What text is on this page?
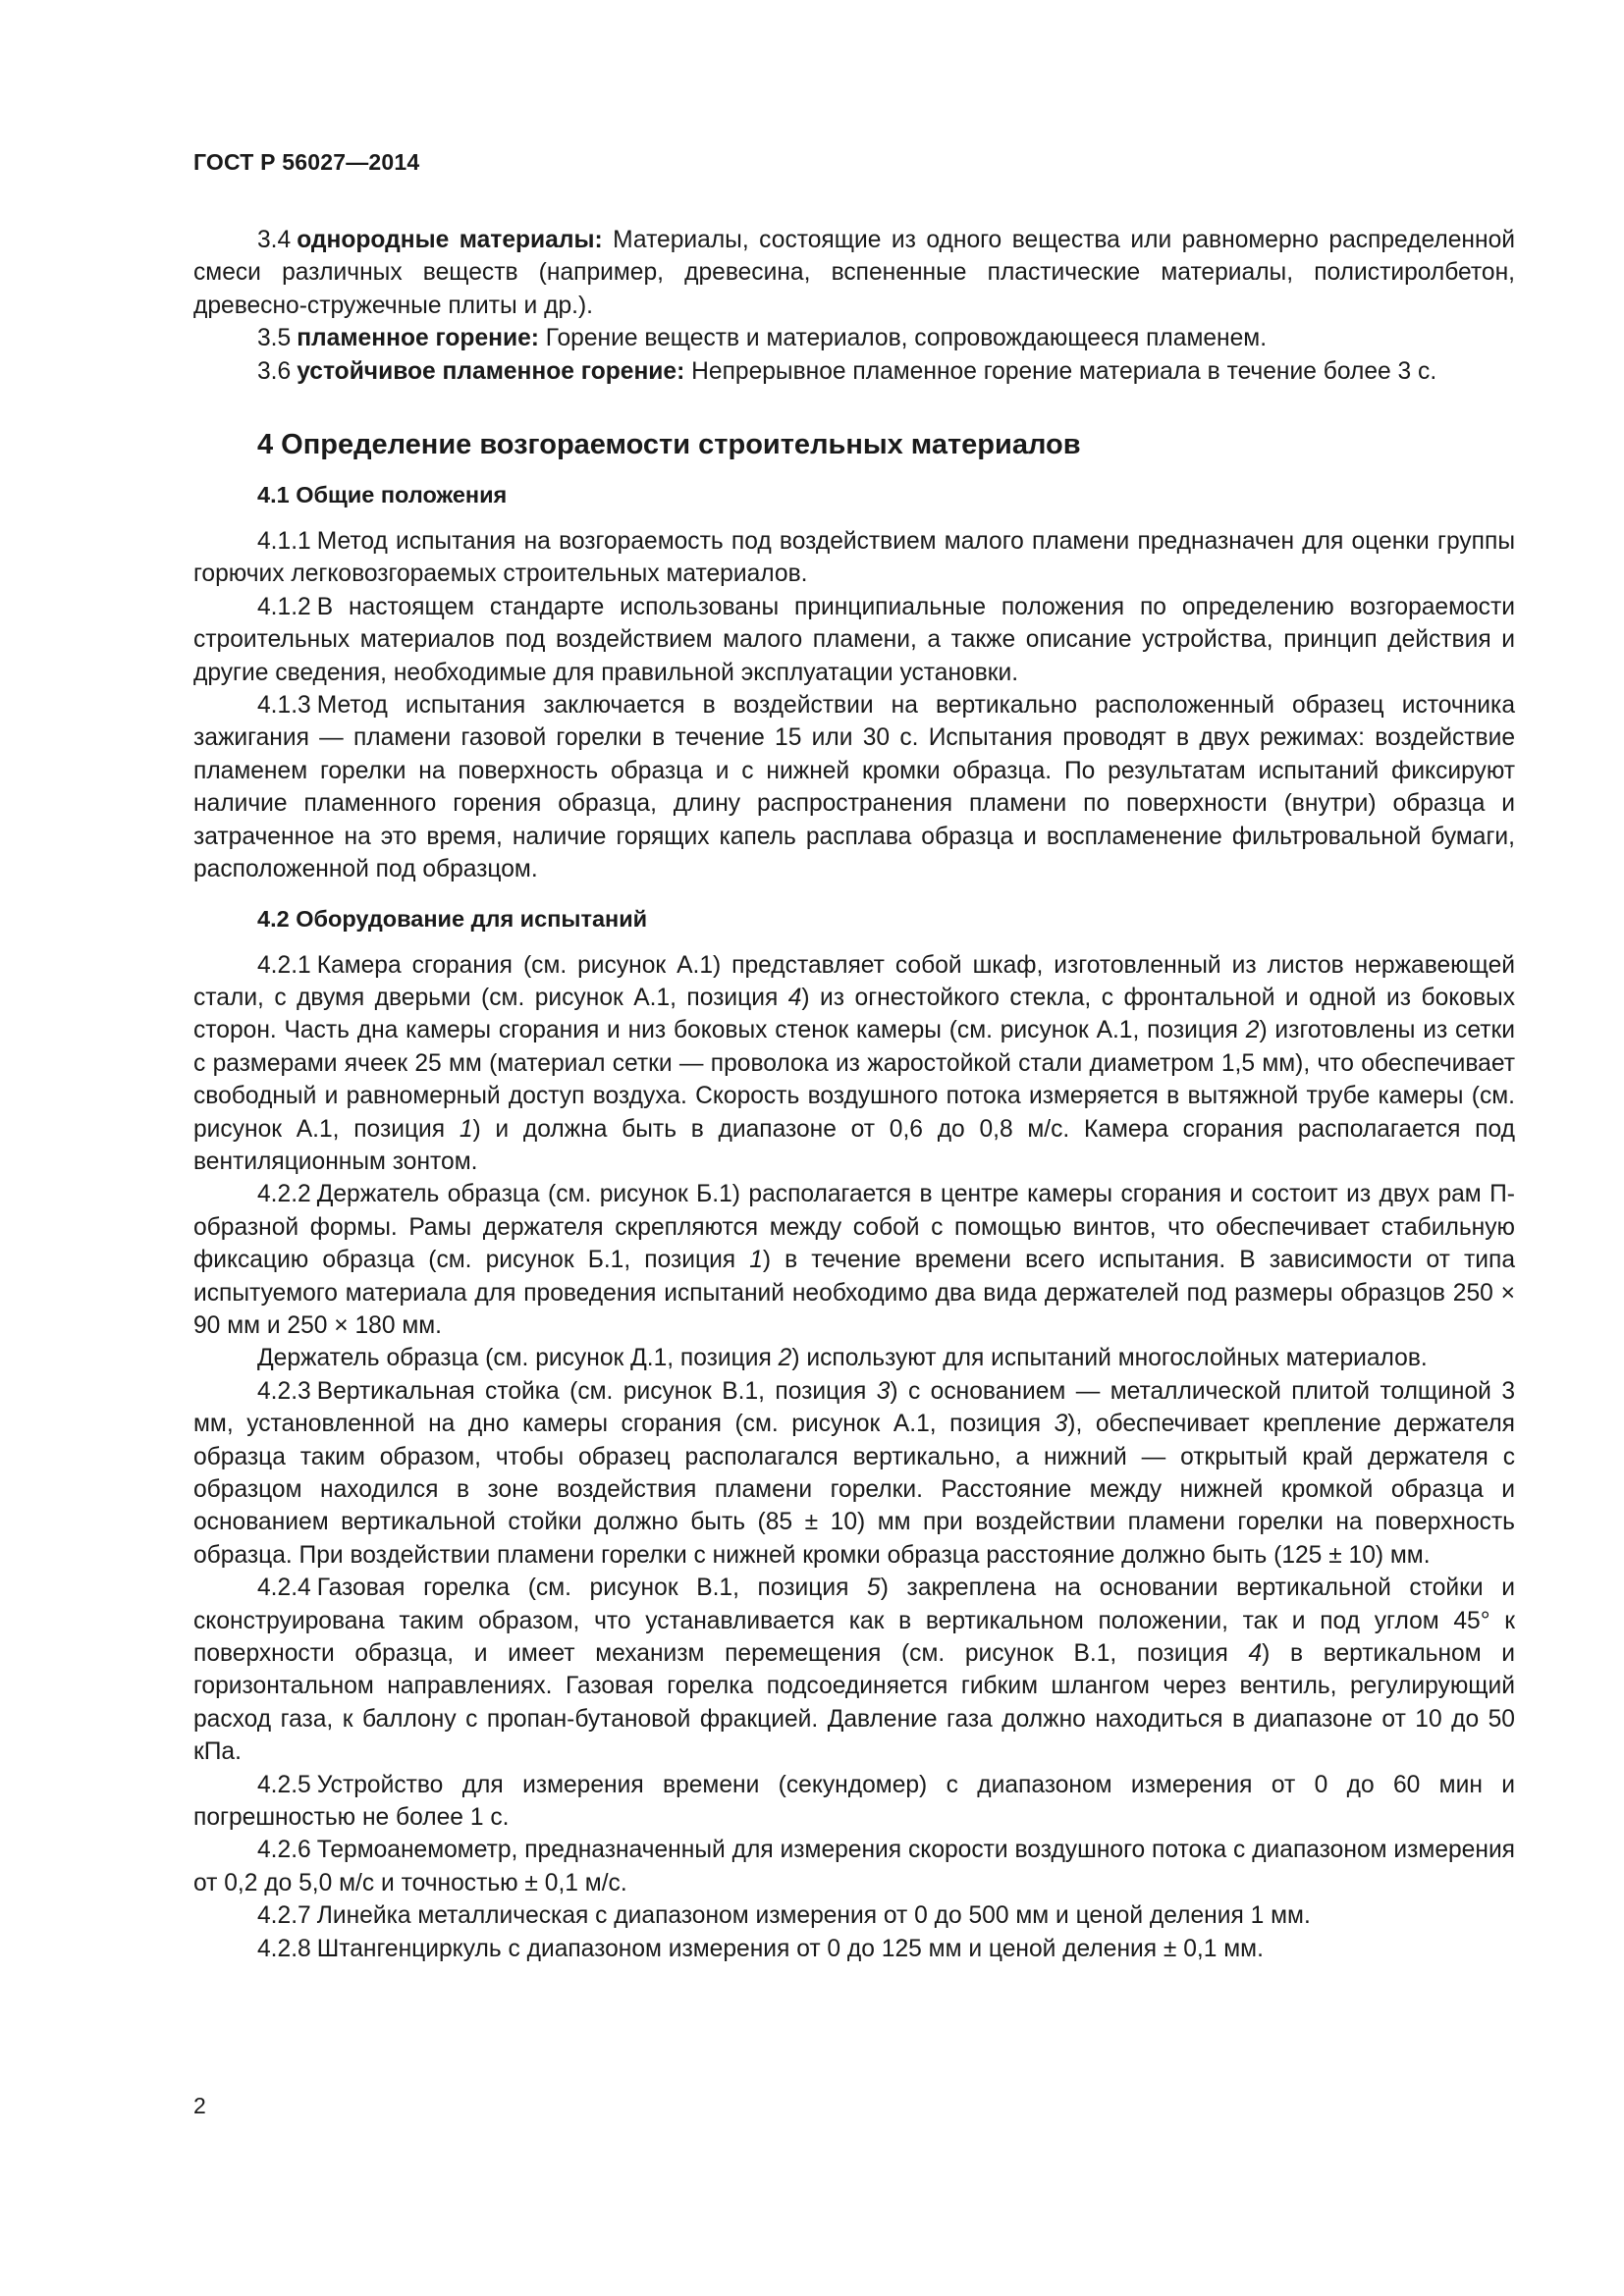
ГОСТ Р 56027—2014

3.4 однородные материалы: Материалы, состоящие из одного вещества или равномерно распределенной смеси различных веществ (например, древесина, вспененные пластические материалы, полистиролбетон, древесно-стружечные плиты и др.).

3.5 пламенное горение: Горение веществ и материалов, сопровождающееся пламенем.

3.6 устойчивое пламенное горение: Непрерывное пламенное горение материала в течение более 3 с.

4 Определение возгораемости строительных материалов
4.1 Общие положения

4.1.1 Метод испытания на возгораемость под воздействием малого пламени предназначен для оценки группы горючих легковозгораемых строительных материалов.

4.1.2 В настоящем стандарте использованы принципиальные положения по определению возгораемости строительных материалов под воздействием малого пламени, а также описание устройства, принцип действия и другие сведения, необходимые для правильной эксплуатации установки.

4.1.3 Метод испытания заключается в воздействии на вертикально расположенный образец источника зажигания — пламени газовой горелки в течение 15 или 30 с. Испытания проводят в двух режимах: воздействие пламенем горелки на поверхность образца и с нижней кромки образца. По результатам испытаний фиксируют наличие пламенного горения образца, длину распространения пламени по поверхности (внутри) образца и затраченное на это время, наличие горящих капель расплава образца и воспламенение фильтровальной бумаги, расположенной под образцом.

4.2 Оборудование для испытаний

4.2.1 Камера сгорания (см. рисунок А.1) представляет собой шкаф, изготовленный из листов нержавеющей стали, с двумя дверьми (см. рисунок А.1, позиция 4) из огнестойкого стекла, с фронтальной и одной из боковых сторон. Часть дна камеры сгорания и низ боковых стенок камеры (см. рисунок А.1, позиция 2) изготовлены из сетки с размерами ячеек 25 мм (материал сетки — проволока из жаростойкой стали диаметром 1,5 мм), что обеспечивает свободный и равномерный доступ воздуха. Скорость воздушного потока измеряется в вытяжной трубе камеры (см. рисунок А.1, позиция 1) и должна быть в диапазоне от 0,6 до 0,8 м/с. Камера сгорания располагается под вентиляционным зонтом.

4.2.2 Держатель образца (см. рисунок Б.1) располагается в центре камеры сгорания и состоит из двух рам П-образной формы. Рамы держателя скрепляются между собой с помощью винтов, что обеспечивает стабильную фиксацию образца (см. рисунок Б.1, позиция 1) в течение времени всего испытания. В зависимости от типа испытуемого материала для проведения испытаний необходимо два вида держателей под размеры образцов 250 × 90 мм и 250 × 180 мм.

Держатель образца (см. рисунок Д.1, позиция 2) используют для испытаний многослойных материалов.

4.2.3 Вертикальная стойка (см. рисунок В.1, позиция 3) с основанием — металлической плитой толщиной 3 мм, установленной на дно камеры сгорания (см. рисунок А.1, позиция 3), обеспечивает крепление держателя образца таким образом, чтобы образец располагался вертикально, а нижний — открытый край держателя с образцом находился в зоне воздействия пламени горелки. Расстояние между нижней кромкой образца и основанием вертикальной стойки должно быть (85 ± 10) мм при воздействии пламени горелки на поверхность образца. При воздействии пламени горелки с нижней кромки образца расстояние должно быть (125 ± 10) мм.

4.2.4 Газовая горелка (см. рисунок В.1, позиция 5) закреплена на основании вертикальной стойки и сконструирована таким образом, что устанавливается как в вертикальном положении, так и под углом 45° к поверхности образца, и имеет механизм перемещения (см. рисунок В.1, позиция 4) в вертикальном и горизонтальном направлениях. Газовая горелка подсоединяется гибким шлангом через вентиль, регулирующий расход газа, к баллону с пропан-бутановой фракцией. Давление газа должно находиться в диапазоне от 10 до 50 кПа.

4.2.5 Устройство для измерения времени (секундомер) с диапазоном измерения от 0 до 60 мин и погрешностью не более 1 с.

4.2.6 Термоанемометр, предназначенный для измерения скорости воздушного потока с диапазоном измерения от 0,2 до 5,0 м/с и точностью ± 0,1 м/с.

4.2.7 Линейка металлическая с диапазоном измерения от 0 до 500 мм и ценой деления 1 мм.

4.2.8 Штангенциркуль с диапазоном измерения от 0 до 125 мм и ценой деления ± 0,1 мм.

2
